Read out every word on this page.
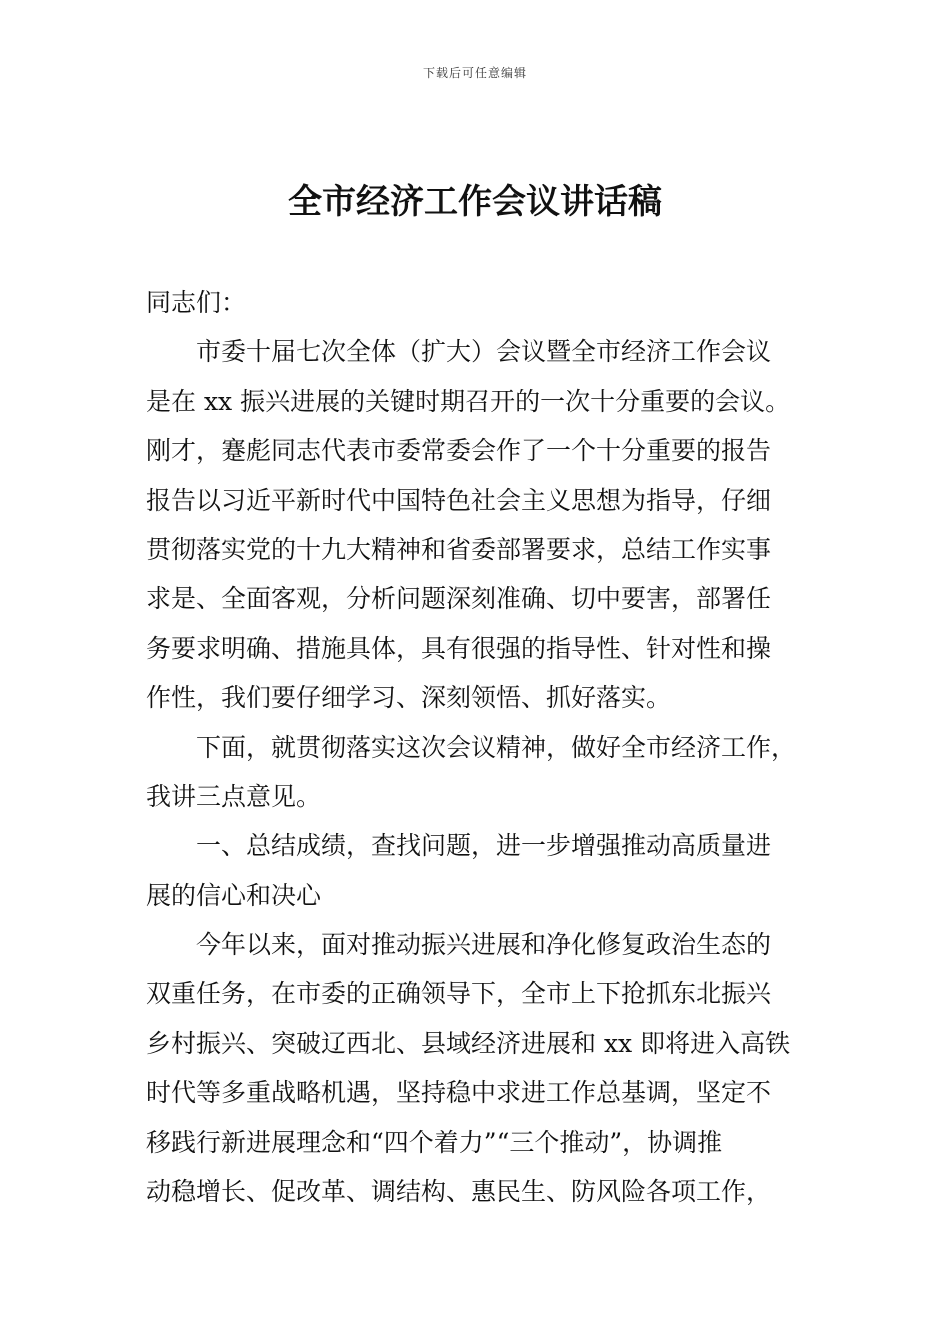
下载后可任意编辑
全市经济工作会议讲话稿
同志们：
市委十届七次全体（扩大）会议暨全市经济工作会议
是在 xx 振兴进展的关键时期召开的一次十分重要的会议。
刚才，蹇彪同志代表市委常委会作了一个十分重要的报告
报告以习近平新时代中国特色社会主义思想为指导，仔细
贯彻落实党的十九大精神和省委部署要求，总结工作实事
求是、全面客观，分析问题深刻准确、切中要害，部署任
务要求明确、措施具体，具有很强的指导性、针对性和操
作性，我们要仔细学习、深刻领悟、抓好落实。
下面，就贯彻落实这次会议精神，做好全市经济工作，
我讲三点意见。
一、总结成绩，查找问题，进一步增强推动高质量进
展的信心和决心
今年以来，面对推动振兴进展和净化修复政治生态的
双重任务，在市委的正确领导下，全市上下抢抓东北振兴
乡村振兴、突破辽西北、县域经济进展和 xx 即将进入高铁
时代等多重战略机遇，坚持稳中求进工作总基调，坚定不
移践行新进展理念和“四个着力”“三个推动”，协调推
动稳增长、促改革、调结构、惠民生、防风险各项工作，
